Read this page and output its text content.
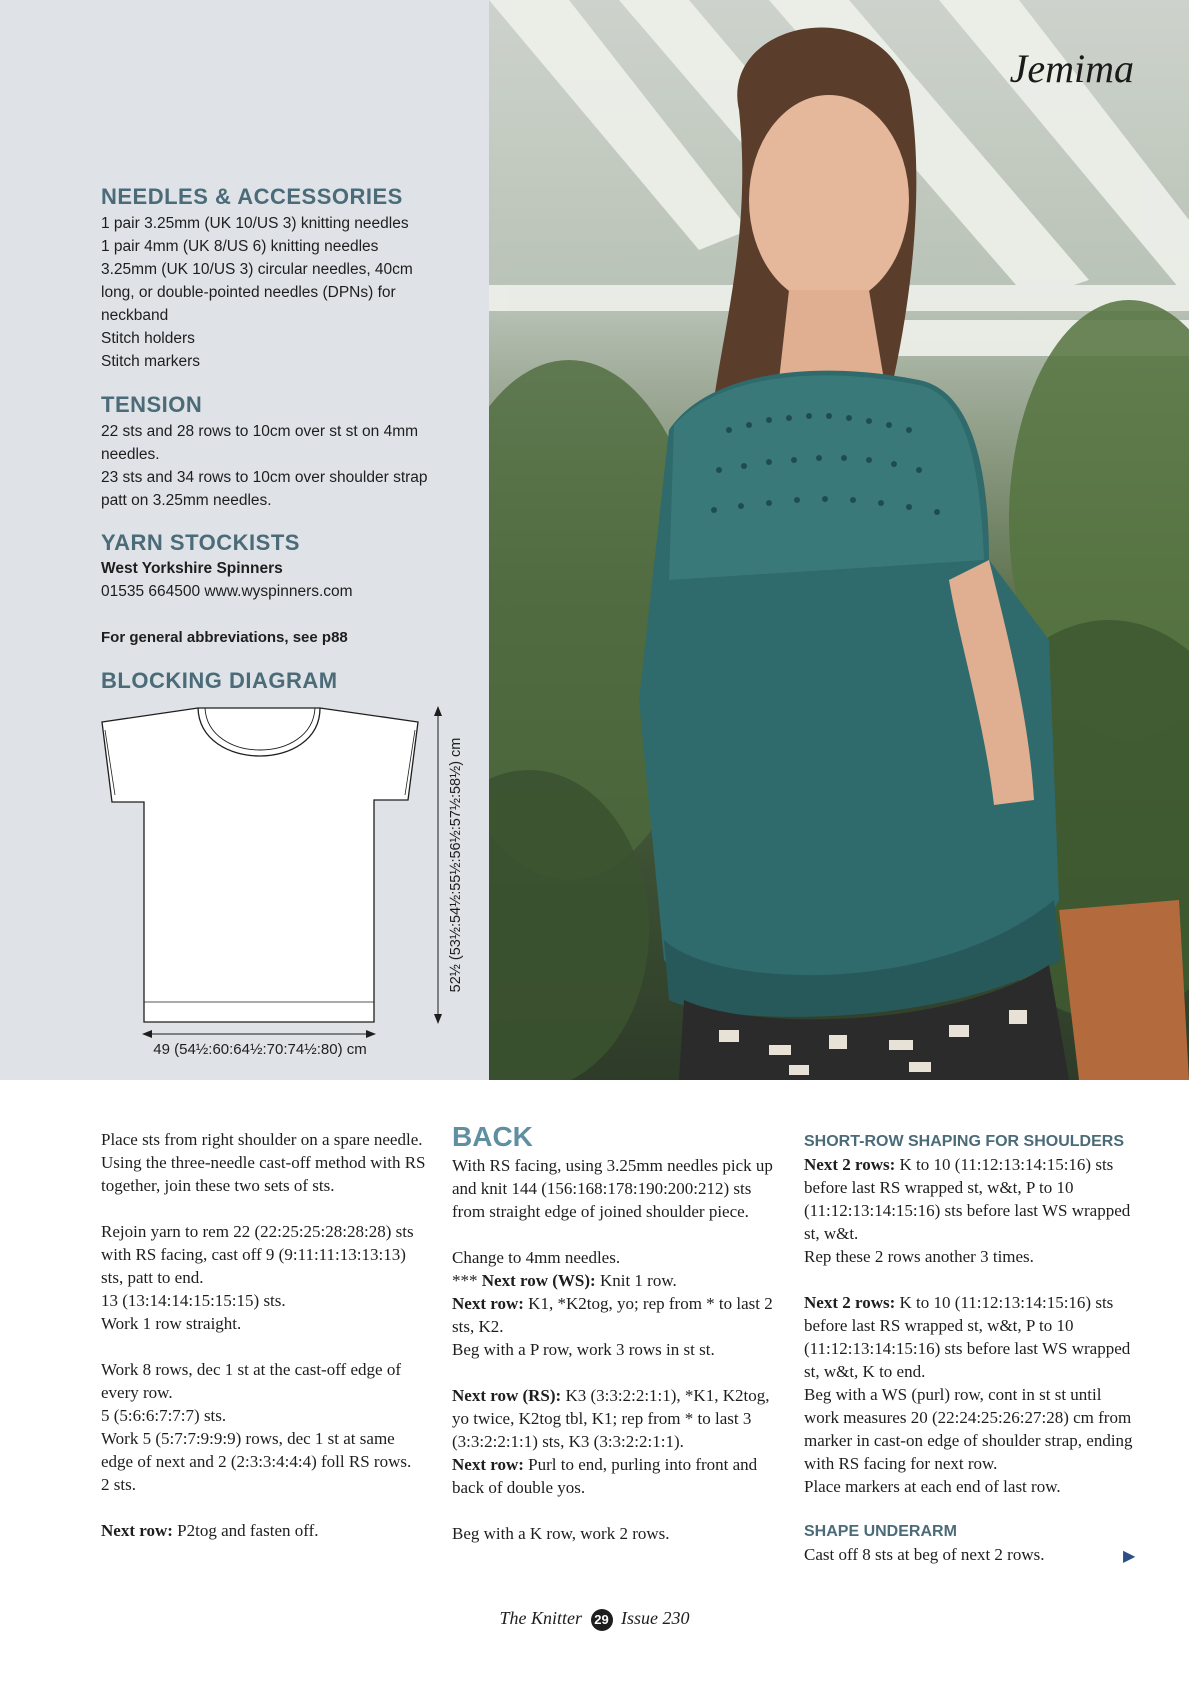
NEEDLES & ACCESSORIES
1 pair 3.25mm (UK 10/US 3) knitting needles
1 pair 4mm (UK 8/US 6) knitting needles
3.25mm (UK 10/US 3) circular needles, 40cm long, or double-pointed needles (DPNs) for neckband
Stitch holders
Stitch markers
TENSION
22 sts and 28 rows to 10cm over st st on 4mm needles.
23 sts and 34 rows to 10cm over shoulder strap patt on 3.25mm needles.
YARN STOCKISTS
West Yorkshire Spinners
01535 664500 www.wyspinners.com
For general abbreviations, see p88
BLOCKING DIAGRAM
49 (54½:60:64½:70:74½:80) cm
52½ (53½:54½:55½:56½:57½:58½) cm
Jemima

Place sts from right shoulder on a spare needle. Using the three-needle cast-off method with RS together, join these two sets of sts.

Rejoin yarn to rem 22 (22:25:25:28:28:28) sts with RS facing, cast off 9 (9:11:11:13:13:13) sts, patt to end.
13 (13:14:14:15:15:15) sts.
Work 1 row straight.

Work 8 rows, dec 1 st at the cast-off edge of every row.
5 (5:6:6:7:7:7) sts.
Work 5 (5:7:7:9:9:9) rows, dec 1 st at same edge of next and 2 (2:3:3:4:4:4) foll RS rows.
2 sts.

Next row: P2tog and fasten off.

BACK

With RS facing, using 3.25mm needles pick up and knit 144 (156:168:178:190:200:212) sts from straight edge of joined shoulder piece.

Change to 4mm needles.
*** Next row (WS): Knit 1 row.
Next row: K1, *K2tog, yo; rep from * to last 2 sts, K2.
Beg with a P row, work 3 rows in st st.

Next row (RS): K3 (3:3:2:2:1:1), *K1, K2tog, yo twice, K2tog tbl, K1; rep from * to last 3 (3:3:2:2:1:1) sts, K3 (3:3:2:2:1:1).
Next row: Purl to end, purling into front and back of double yos.

Beg with a K row, work 2 rows.

SHORT-ROW SHAPING FOR SHOULDERS

Next 2 rows: K to 10 (11:12:13:14:15:16) sts before last RS wrapped st, w&t, P to 10 (11:12:13:14:15:16) sts before last WS wrapped st, w&t.
Rep these 2 rows another 3 times.

Next 2 rows: K to 10 (11:12:13:14:15:16) sts before last RS wrapped st, w&t, P to 10 (11:12:13:14:15:16) sts before last WS wrapped st, w&t, K to end.
Beg with a WS (purl) row, cont in st st until work measures 20 (22:24:25:26:27:28) cm from marker in cast-on edge of shoulder strap, ending with RS facing for next row.
Place markers at each end of last row.

SHAPE UNDERARM

Cast off 8 sts at beg of next 2 rows.	▶
The Knitter 29 Issue 230
